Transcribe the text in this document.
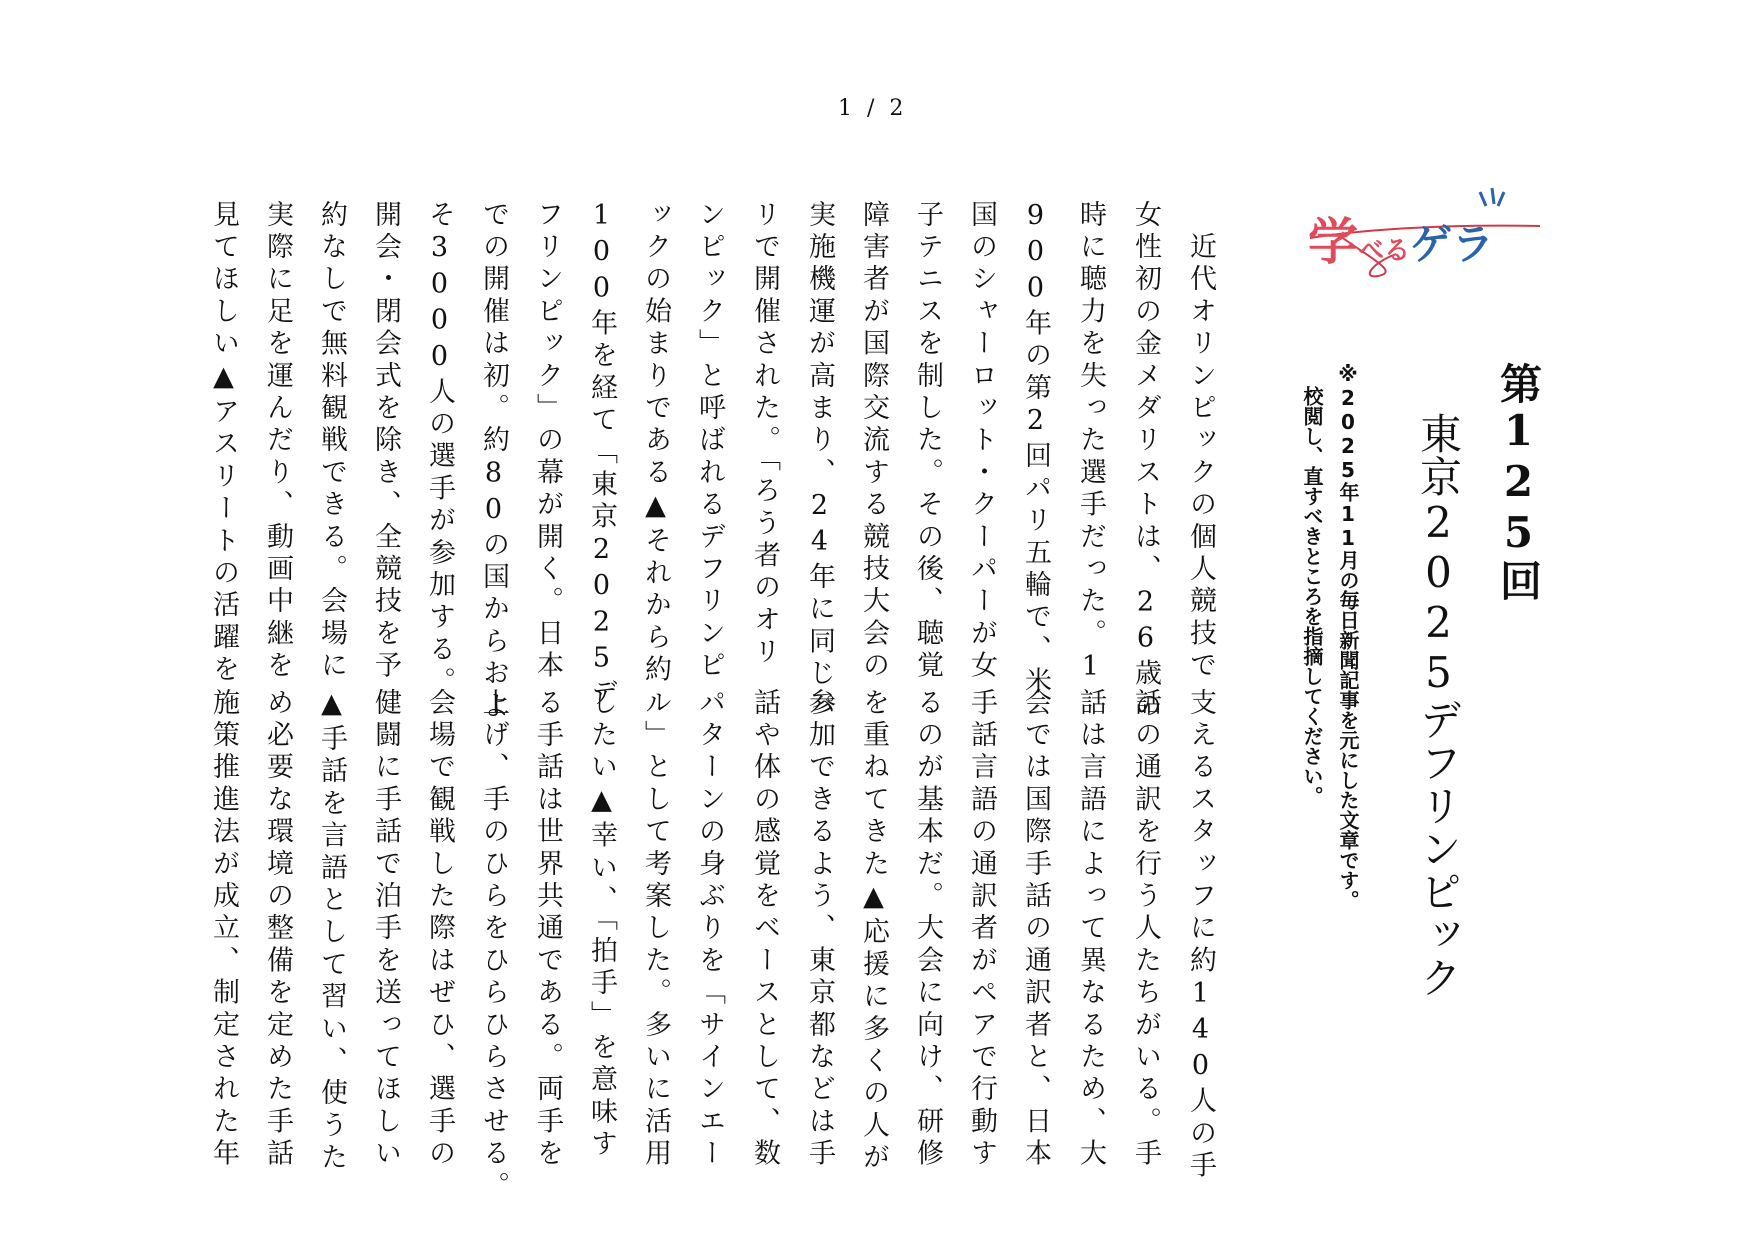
1 / 2
学べるゲラ
第125回
東京2025デフリンピック
※2025年11月の毎日新聞記事を元にした文章です。
校閲し、直すべきところを指摘してください。
　近代オリンピックの個人競技で
女性初の金メダリストは、26歳の
時に聴力を失った選手だった。1
900年の第2回パリ五輪で、米
国のシャーロット・クーパーが女
子テニスを制した。その後、聴覚
障害者が国際交流する競技大会の
実施機運が高まり、24年に同じパ
リで開催された。「ろう者のオリ
ンピック」と呼ばれるデフリンピ
ックの始まりである▲それから約
100年を経て「東京2025デ
フリンピック」の幕が開く。日本
での開催は初。約80の国からおよ
そ3000人の選手が参加する。
開会・閉会式を除き、全競技を予
約なしで無料観戦できる。会場に
実際に足を運んだり、動画中継を
見てほしい▲アスリートの活躍を
支えるスタッフに約140人の手
話の通訳を行う人たちがいる。手
話は言語によって異なるため、大
会では国際手話の通訳者と、日本
手話言語の通訳者がペアで行動す
るのが基本だ。大会に向け、研修
を重ねてきた▲応援に多くの人が
参加できるよう、東京都などは手
話や体の感覚をベースとして、数
パターンの身ぶりを「サインエー
ル」として考案した。多いに活用
したい▲幸い、「拍手」を意味す
る手話は世界共通である。両手を
上げ、手のひらをひらひらさせる。
会場で観戦した際はぜひ、選手の
健闘に手話で泊手を送ってほしい
▲手話を言語として習い、使うた
め必要な環境の整備を定めた手話
施策推進法が成立、制定された年
